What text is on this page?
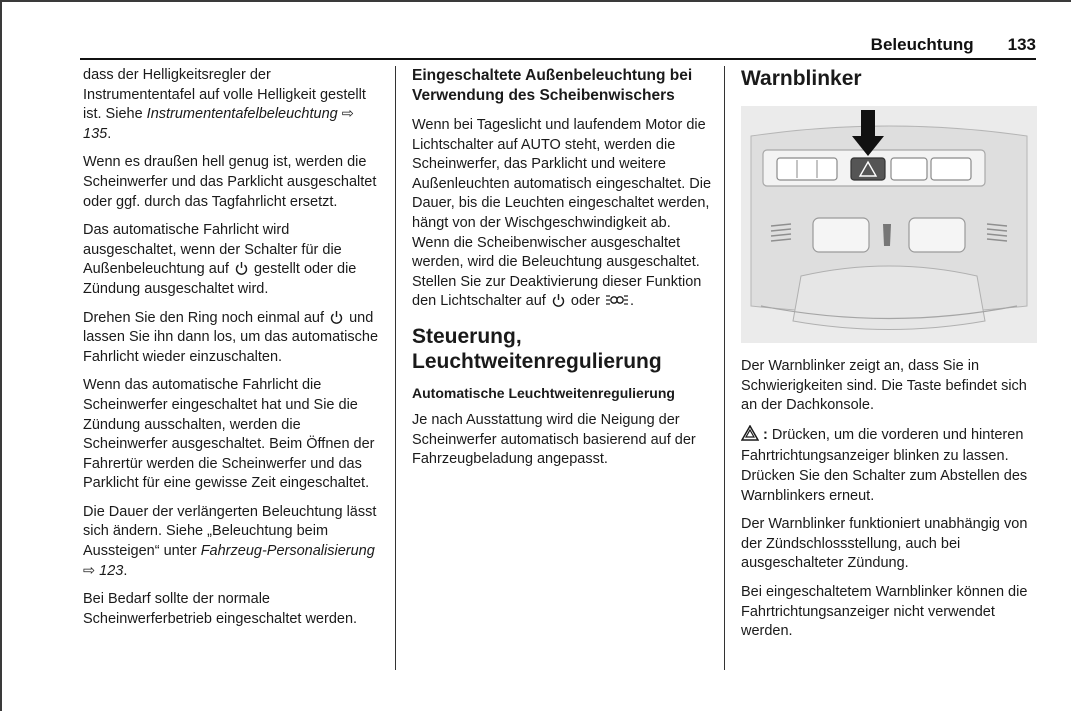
Beleuchtung 133

dass der Helligkeitsregler der Instrumententafel auf volle Helligkeit gestellt ist. Siehe Instrumententafelbeleuchtung ⇨ 135.

Wenn es draußen hell genug ist, werden die Scheinwerfer und das Parklicht ausgeschaltet oder ggf. durch das Tagfahrlicht ersetzt.

Das automatische Fahrlicht wird ausgeschaltet, wenn der Schalter für die Außenbeleuchtung auf gestellt oder die Zündung ausgeschaltet wird.

Drehen Sie den Ring noch einmal auf und lassen Sie ihn dann los, um das automatische Fahrlicht wieder einzuschalten.

Wenn das automatische Fahrlicht die Scheinwerfer eingeschaltet hat und Sie die Zündung ausschalten, werden die Scheinwerfer ausgeschaltet. Beim Öffnen der Fahrertür werden die Scheinwerfer und das Parklicht für eine gewisse Zeit eingeschaltet.

Die Dauer der verlängerten Beleuchtung lässt sich ändern. Siehe „Beleuchtung beim Aussteigen“ unter Fahrzeug-Personalisierung ⇨ 123.

Bei Bedarf sollte der normale Scheinwerferbetrieb eingeschaltet werden.

Eingeschaltete Außenbeleuchtung bei Verwendung des Scheibenwischers

Wenn bei Tageslicht und laufendem Motor die Lichtschalter auf AUTO steht, werden die Scheinwerfer, das Parklicht und weitere Außenleuchten automatisch eingeschaltet. Die Dauer, bis die Leuchten eingeschaltet werden, hängt von der Wischgeschwindigkeit ab. Wenn die Scheibenwischer ausgeschaltet werden, wird die Beleuchtung ausgeschaltet. Stellen Sie zur Deaktivierung dieser Funktion den Lichtschalter auf oder .

Steuerung, Leuchtweitenregulierung
Automatische Leuchtweitenregulierung

Je nach Ausstattung wird die Neigung der Scheinwerfer automatisch basierend auf der Fahrzeugbeladung angepasst.

Warnblinker

Der Warnblinker zeigt an, dass Sie in Schwierigkeiten sind. Die Taste befindet sich an der Dachkonsole.

: Drücken, um die vorderen und hinteren Fahrtrichtungsanzeiger blinken zu lassen. Drücken Sie den Schalter zum Abstellen des Warnblinkers erneut.

Der Warnblinker funktioniert unabhängig von der Zündschlossstellung, auch bei ausgeschalteter Zündung.

Bei eingeschaltetem Warnblinker können die Fahrtrichtungsanzeiger nicht verwendet werden.
